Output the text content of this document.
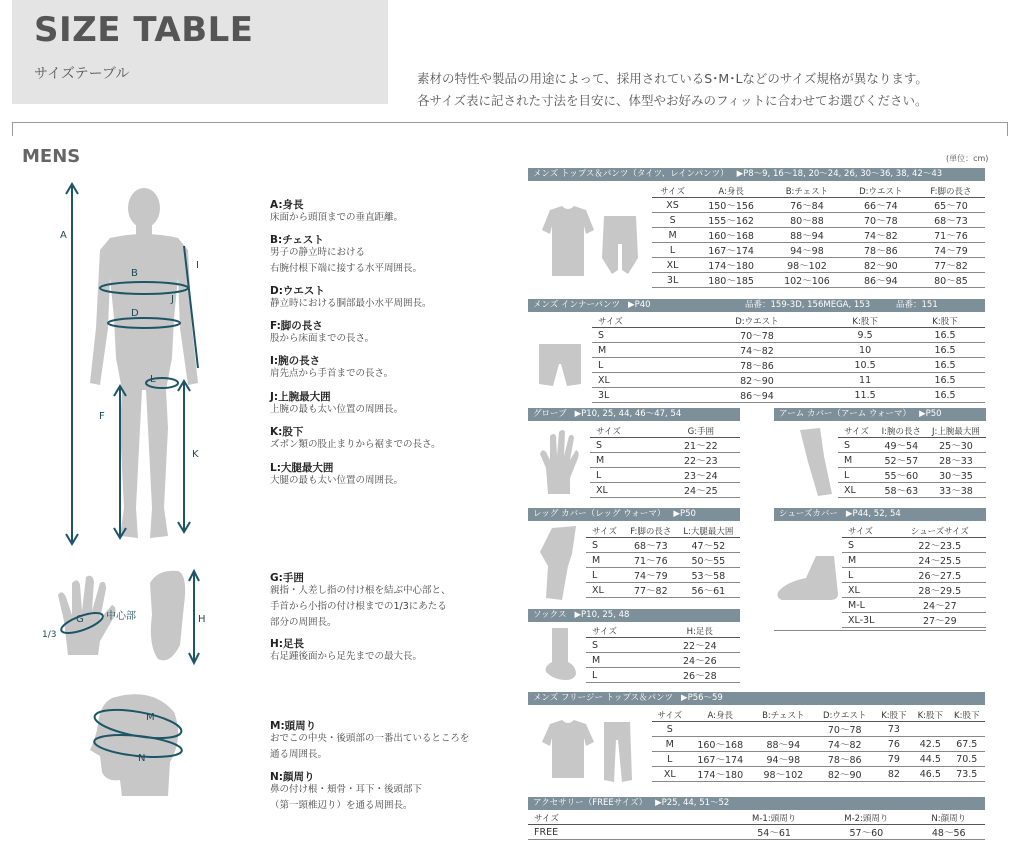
SIZE TABLE
サイズテーブル	素材の特性や製品の用途によって、採用されているS･M･Lなどのサイズ規格が異なります。
各サイズ表に記された寸法を目安に、体型やお好みのフィットに合わせてお選びください。
MENS	(単位：cm)
A
B
D
I
J
L
F
K
G 中心部
1/3
H
M
N
A:身長
床面から頭頂までの垂直距離。
B:チェスト
男子の静立時における
右腕付根下端に接する水平周囲長。
D:ウエスト
静立時における胴部最小水平周囲長。
F:脚の長さ
股から床面までの長さ。
I:腕の長さ
肩先点から手首までの長さ。
J:上腕最大囲
上腕の最も太い位置の周囲長。
K:股下
ズボン類の股止まりから裾までの長さ。
L:大腿最大囲
大腿の最も太い位置の周囲長。
G:手囲
親指・人差し指の付け根を結ぶ中心部と、
手首から小指の付け根までの1/3にあたる
部分の周囲長。
H:足長
右足踵後面から足先までの最大長。
M:頭周り
おでこの中央・後頭部の一番出ているところを
通る周囲長。
N:顔周り
鼻の付け根・頬骨・耳下・後頭部下
（第一頸椎辺り）を通る周囲長。
メンズ トップス＆パンツ（タイツ、レインパンツ） ▶P8～9, 16～18, 20～24, 26, 30～36, 38, 42～43
サイズ	A:身長	B:チェスト	D:ウエスト	F:脚の長さ
XS	150～156	76～84	66～74	65～70
S	155～162	80～88	70～78	68～73
M	160～168	88～94	74～82	71～76
L	167～174	94～98	78～86	74～79
XL	174～180	98～102	82～90	77～82
3L	180～185	102～106	86～94	80～85
メンズ インナーパンツ ▶P40	品番：159-3D, 156MEGA, 153	品番：151
サイズ	D:ウエスト	K:股下	K:股下
S	70～78	9.5	16.5
M	74～82	10	16.5
L	78～86	10.5	16.5
XL	82～90	11	16.5
3L	86～94	11.5	16.5
グローブ ▶P10, 25, 44, 46～47, 54
サイズ	G:手囲
S	21～22
M	22～23
L	23～24
XL	24～25
アーム カバー（アーム ウォーマ） ▶P50
サイズ	I:腕の長さ	J:上腕最大囲
S	49～54	25～30
M	52～57	28～33
L	55～60	30～35
XL	58～63	33～38
レッグ カバー（レッグ ウォーマ） ▶P50
サイズ	F:脚の長さ	L:大腿最大囲
S	68～73	47～52
M	71～76	50～55
L	74～79	53～58
XL	77～82	56～61
シューズカバー ▶P44, 52, 54
サイズ	シューズサイズ
S	22～23.5
M	24～25.5
L	26～27.5
XL	28～29.5
M-L	24～27
XL-3L	27～29
ソックス ▶P10, 25, 48
サイズ	H:足長
S	22～24
M	24～26
L	26～28
メンズ フリージー トップス＆パンツ ▶P56～59
サイズ	A:身長	B:チェスト	D:ウエスト	K:股下	K:股下	K:股下
S			70～78	73		
M	160～168	88～94	74～82	76	42.5	67.5
L	167～174	94～98	78～86	79	44.5	70.5
XL	174～180	98～102	82～90	82	46.5	73.5
アクセサリー（FREEサイズ） ▶P25, 44, 51～52
サイズ	M-1:頭周り	M-2:頭周り	N:顔周り
FREE	54～61	57～60	48～56
